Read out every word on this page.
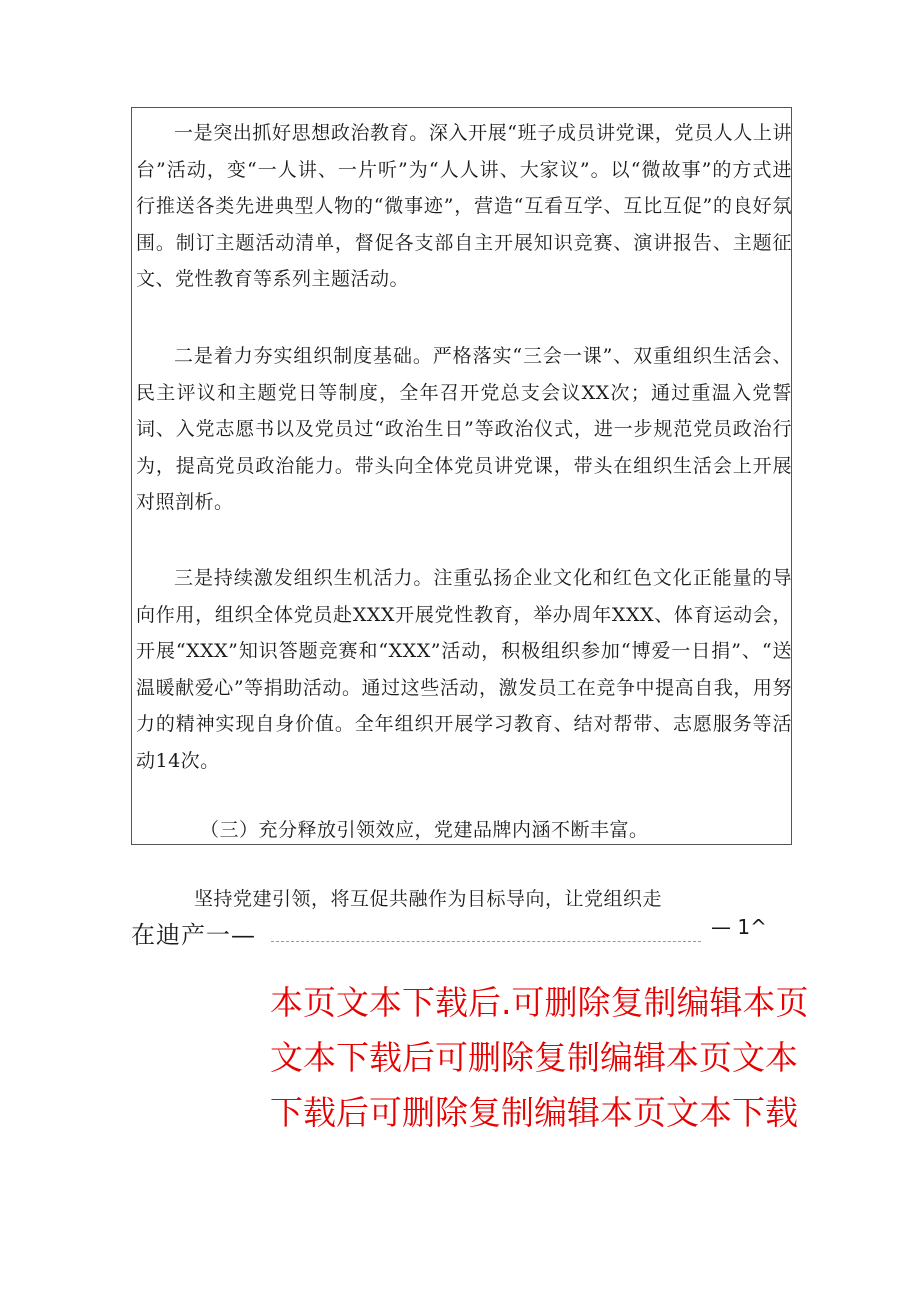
一是突出抓好思想政治教育。深入开展“班子成员讲党课，党员人人上讲台”活动，变“一人讲、一片听”为“人人讲、大家议”。以“微故事”的方式进行推送各类先进典型人物的“微事迹”，营造“互看互学、互比互促”的良好氛围。制订主题活动清单，督促各支部自主开展知识竞赛、演讲报告、主题征文、党性教育等系列主题活动。

二是着力夯实组织制度基础。严格落实“三会一课”、双重组织生活会、民主评议和主题党日等制度，全年召开党总支会议XX次；通过重温入党誓词、入党志愿书以及党员过“政治生日”等政治仪式，进一步规范党员政治行为，提高党员政治能力。带头向全体党员讲党课，带头在组织生活会上开展对照剖析。

三是持续激发组织生机活力。注重弘扬企业文化和红色文化正能量的导向作用，组织全体党员赴XXX开展党性教育，举办周年XXX、体育运动会，开展“XXX”知识答题竞赛和“XXX”活动，积极组织参加“博爱一日捐”、“送温暖献爱心”等捐助活动。通过这些活动，激发员工在竞争中提高自我，用努力的精神实现自身价值。全年组织开展学习教育、结对帮带、志愿服务等活动14次。

（三）充分释放引领效应，党建品牌内涵不断丰富。

坚持党建引领，将互促共融作为目标导向，让党组织走

在迪产一—	— 1^
本页文本下载后.可删除复制编辑本页
文本下载后可删除复制编辑本页文本
下载后可删除复制编辑本页文本下载
